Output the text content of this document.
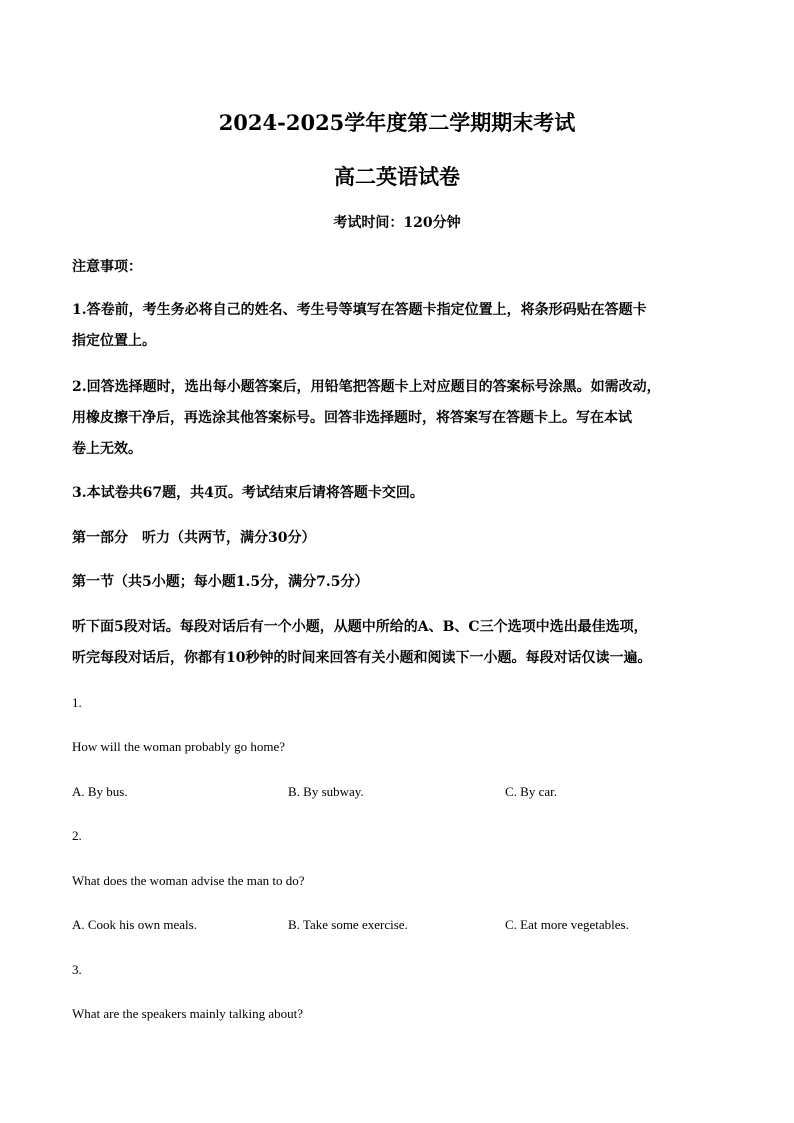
2024-2025学年度第二学期期末考试
高二英语试卷
考试时间：120分钟
注意事项：
1.答卷前，考生务必将自己的姓名、考生号等填写在答题卡指定位置上，将条形码贴在答题卡
指定位置上。
2.回答选择题时，选出每小题答案后，用铅笔把答题卡上对应题目的答案标号涂黑。如需改动，
用橡皮擦干净后，再选涂其他答案标号。回答非选择题时，将答案写在答题卡上。写在本试
卷上无效。
3.本试卷共67题，共4页。考试结束后请将答题卡交回。
第一部分　听力（共两节，满分30分）
第一节（共5小题；每小题1.5分，满分7.5分）
听下面5段对话。每段对话后有一个小题，从题中所给的A、B、C三个选项中选出最佳选项，
听完每段对话后，你都有10秒钟的时间来回答有关小题和阅读下一小题。每段对话仅读一遍。
1.
How will the woman probably go home?
A. By bus.	B. By subway.	C. By car.
2.
What does the woman advise the man to do?
A. Cook his own meals.	B. Take some exercise.	C. Eat more vegetables.
3.
What are the speakers mainly talking about?
